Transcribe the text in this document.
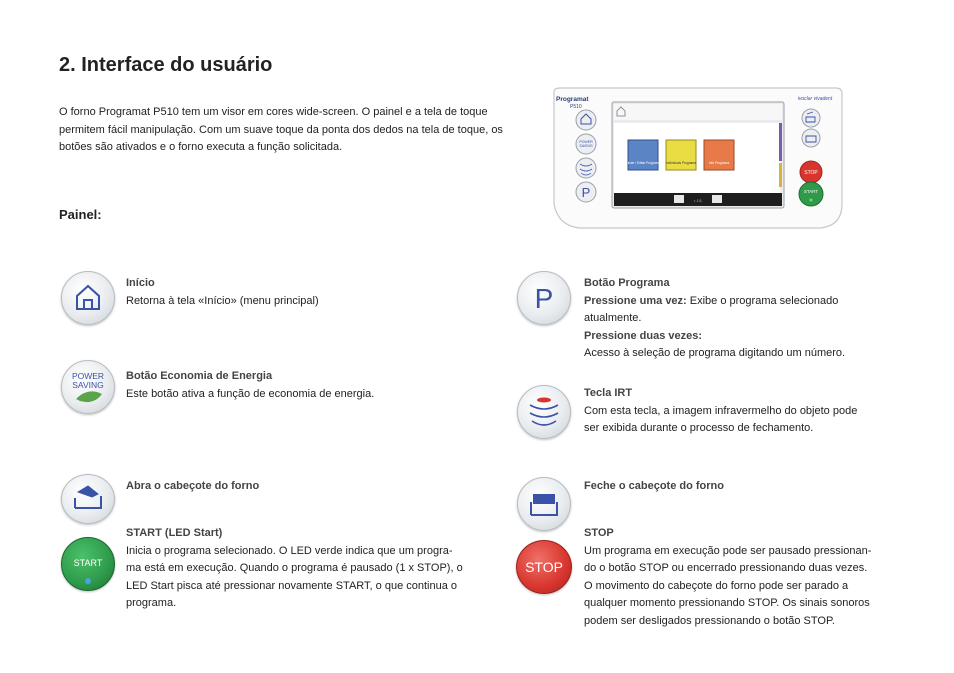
2. Interface do usuário
O forno Programat P510 tem um visor em cores wide-screen. O painel e a tela de toque permitem fácil manipulação. Com um suave toque da ponta dos dedos na tela de toque, os botões são ativados e o forno executa a função solicitada.
Painel:
Programat
P510
ivoclar vivadent
Iniciar / Editar Programa Individuais Programa	Info Programa
• 1/1
POWER
SAVING
P
STOP
START
Início
Retorna à tela «Início» (menu principal)
POWER
SAVING
Botão Economia de Energia
Este botão ativa a função de economia de energia.
Abra o cabeçote do forno
START
START (LED Start)
Inicia o programa selecionado. O LED verde indica que um progra-
ma está em execução. Quando o programa é pausado (1 x STOP), o
LED Start pisca até pressionar novamente START, o que continua o
programa.
P	Botão Programa
Pressione uma vez: Exibe o programa selecionado
atualmente.
Pressione duas vezes:
Acesso à seleção de programa digitando um número.
Tecla IRT
Com esta tecla, a imagem infravermelho do objeto pode
ser exibida durante o processo de fechamento.
Feche o cabeçote do forno
STOP
STOP
Um programa em execução pode ser pausado pressionan-
do o botão STOP ou encerrado pressionando duas vezes.
O movimento do cabeçote do forno pode ser parado a
qualquer momento pressionando STOP. Os sinais sonoros
podem ser desligados pressionando o botão STOP.
